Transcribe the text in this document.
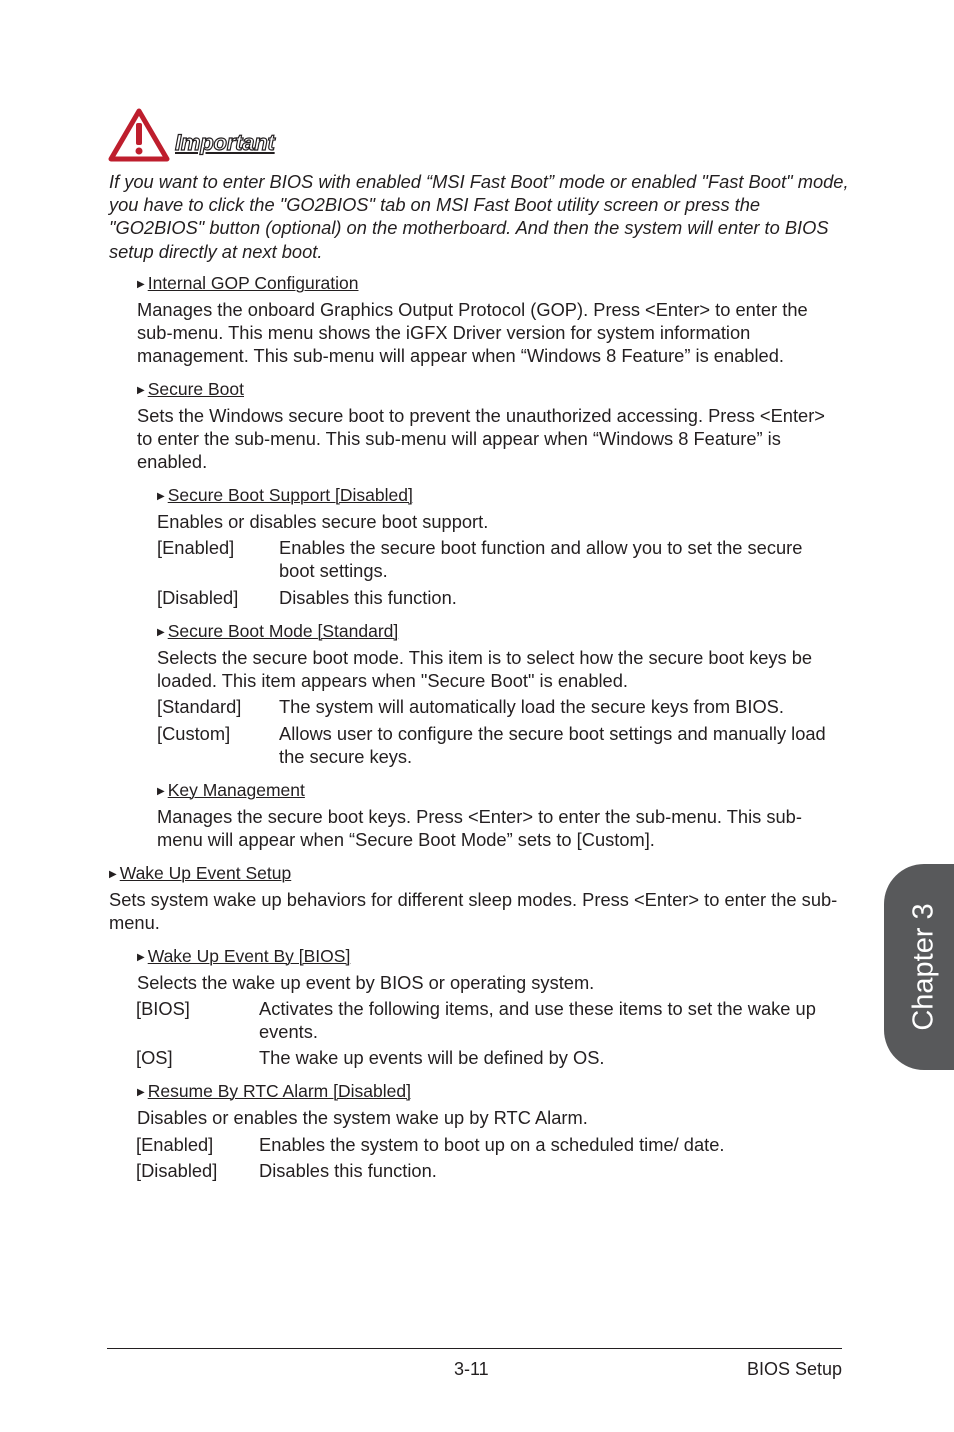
Important
If you want to enter BIOS with enabled “MSI Fast Boot” mode or enabled "Fast Boot" mode, you have to click the "GO2BIOS" tab on MSI Fast Boot utility screen or press the "GO2BIOS" button (optional) on the motherboard. And then the system will enter to BIOS setup directly at next boot.
▶ Internal GOP Configuration
Manages the onboard Graphics Output Protocol (GOP). Press <Enter> to enter the sub-menu. This menu shows the iGFX Driver version for system information management. This sub-menu will appear when “Windows 8 Feature” is enabled.
▶ Secure Boot
Sets the Windows secure boot to prevent the unauthorized accessing. Press <Enter> to enter the sub-menu. This sub-menu will appear when “Windows 8 Feature” is enabled.
▶ Secure Boot Support [Disabled]
Enables or disables secure boot support.
[Enabled] Enables the secure boot function and allow you to set the secure boot settings.
[Disabled] Disables this function.
▶ Secure Boot Mode [Standard]
Selects the secure boot mode. This item is to select how the secure boot keys be loaded. This item appears when "Secure Boot" is enabled.
[Standard] The system will automatically load the secure keys from BIOS.
[Custom]	Allows user to configure the secure boot settings and manually load the secure keys.
▶ Key Management
Manages the secure boot keys. Press <Enter> to enter the sub-menu. This sub-menu will appear when “Secure Boot Mode” sets to [Custom].
▶ Wake Up Event Setup
Sets system wake up behaviors for different sleep modes. Press <Enter> to enter the sub-menu.
▶ Wake Up Event By [BIOS]
Selects the wake up event by BIOS or operating system.
[BIOS]	Activates the following items, and use these items to set the wake up events.
[OS]	The wake up events will be defined by OS.
▶ Resume By RTC Alarm [Disabled]
Disables or enables the system wake up by RTC Alarm.
[Enabled]	Enables the system to boot up on a scheduled time/ date.
[Disabled] Disables this function.
Chapter 3
3-11	BIOS Setup
